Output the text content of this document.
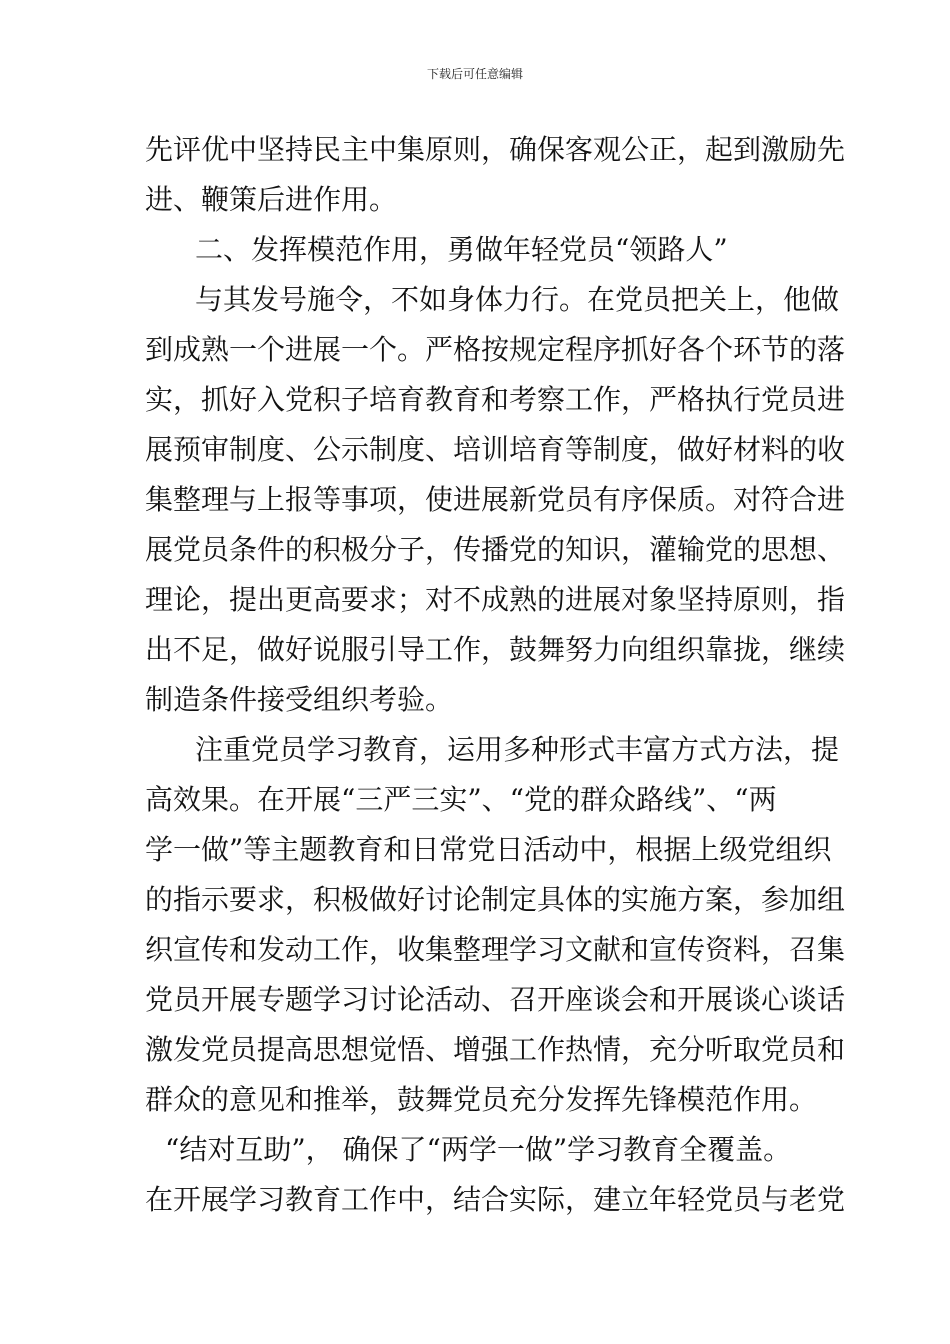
下载后可任意编辑
先评优中坚持民主中集原则，确保客观公正，起到激励先
进、鞭策后进作用。
二、发挥模范作用，勇做年轻党员“领路人”
与其发号施令，不如身体力行。在党员把关上，他做
到成熟一个进展一个。严格按规定程序抓好各个环节的落
实，抓好入党积子培育教育和考察工作，严格执行党员进
展预审制度、公示制度、培训培育等制度，做好材料的收
集整理与上报等事项，使进展新党员有序保质。对符合进
展党员条件的积极分子，传播党的知识，灌输党的思想、
理论，提出更高要求；对不成熟的进展对象坚持原则，指
出不足，做好说服引导工作，鼓舞努力向组织靠拢，继续
制造条件接受组织考验。
注重党员学习教育，运用多种形式丰富方式方法，提
高效果。在开展“三严三实”、“党的群众路线”、“两
学一做”等主题教育和日常党日活动中，根据上级党组织
的指示要求，积极做好讨论制定具体的实施方案，参加组
织宣传和发动工作，收集整理学习文献和宣传资料，召集
党员开展专题学习讨论活动、召开座谈会和开展谈心谈话
激发党员提高思想觉悟、增强工作热情，充分听取党员和
群众的意见和推举，鼓舞党员充分发挥先锋模范作用。
“结对互助”， 确保了“两学一做”学习教育全覆盖。
在开展学习教育工作中，结合实际，建立年轻党员与老党
